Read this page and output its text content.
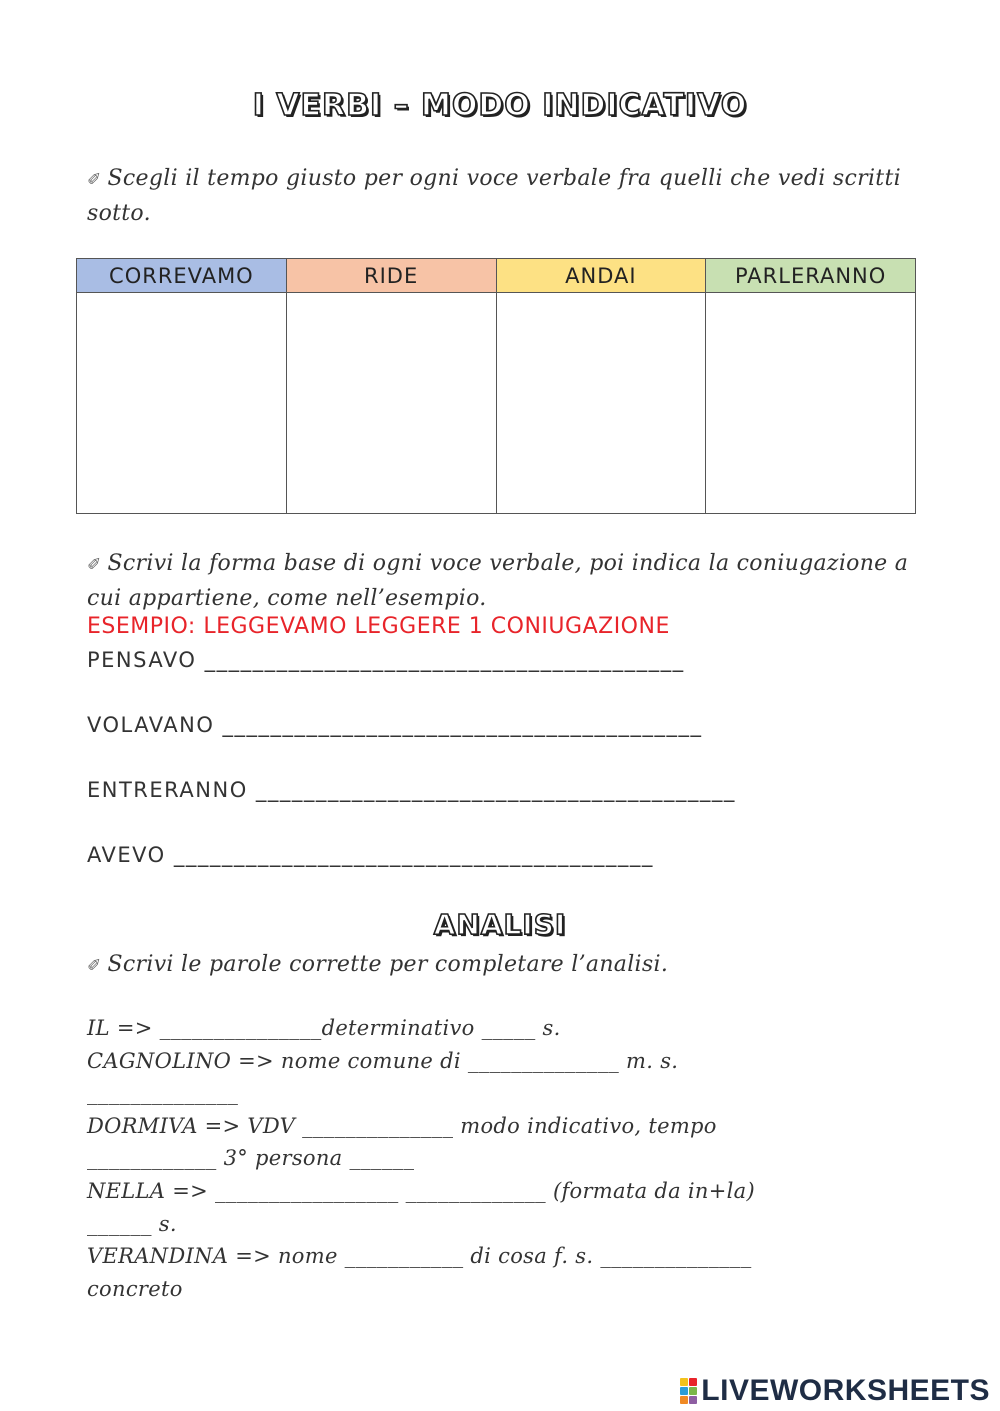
I VERBI – MODO INDICATIVO
✐ Scegli il tempo giusto per ogni voce verbale fra quelli che vedi scritti sotto.
CORREVAMO	RIDE	ANDAI	PARLERANNO

✐ Scrivi la forma base di ogni voce verbale, poi indica la coniugazione a cui appartiene, come nell’esempio.
ESEMPIO: LEGGEVAMO LEGGERE 1 CONIUGAZIONE
PENSAVO ________________________________________
VOLAVANO ________________________________________
ENTRERANNO ________________________________________
AVEVO ________________________________________
ANALISI
✐ Scrivi le parole corrette per completare l’analisi.
IL => _______________determinativo _____ s.
CAGNOLINO => nome comune di ______________ m. s.
______________
DORMIVA => VDV ______________ modo indicativo, tempo
____________ 3° persona ______
NELLA => _________________ _____________ (formata da in+la)
______ s.
VERANDINA => nome ___________ di cosa f. s. ______________
concreto
LIVEWORKSHEETS
